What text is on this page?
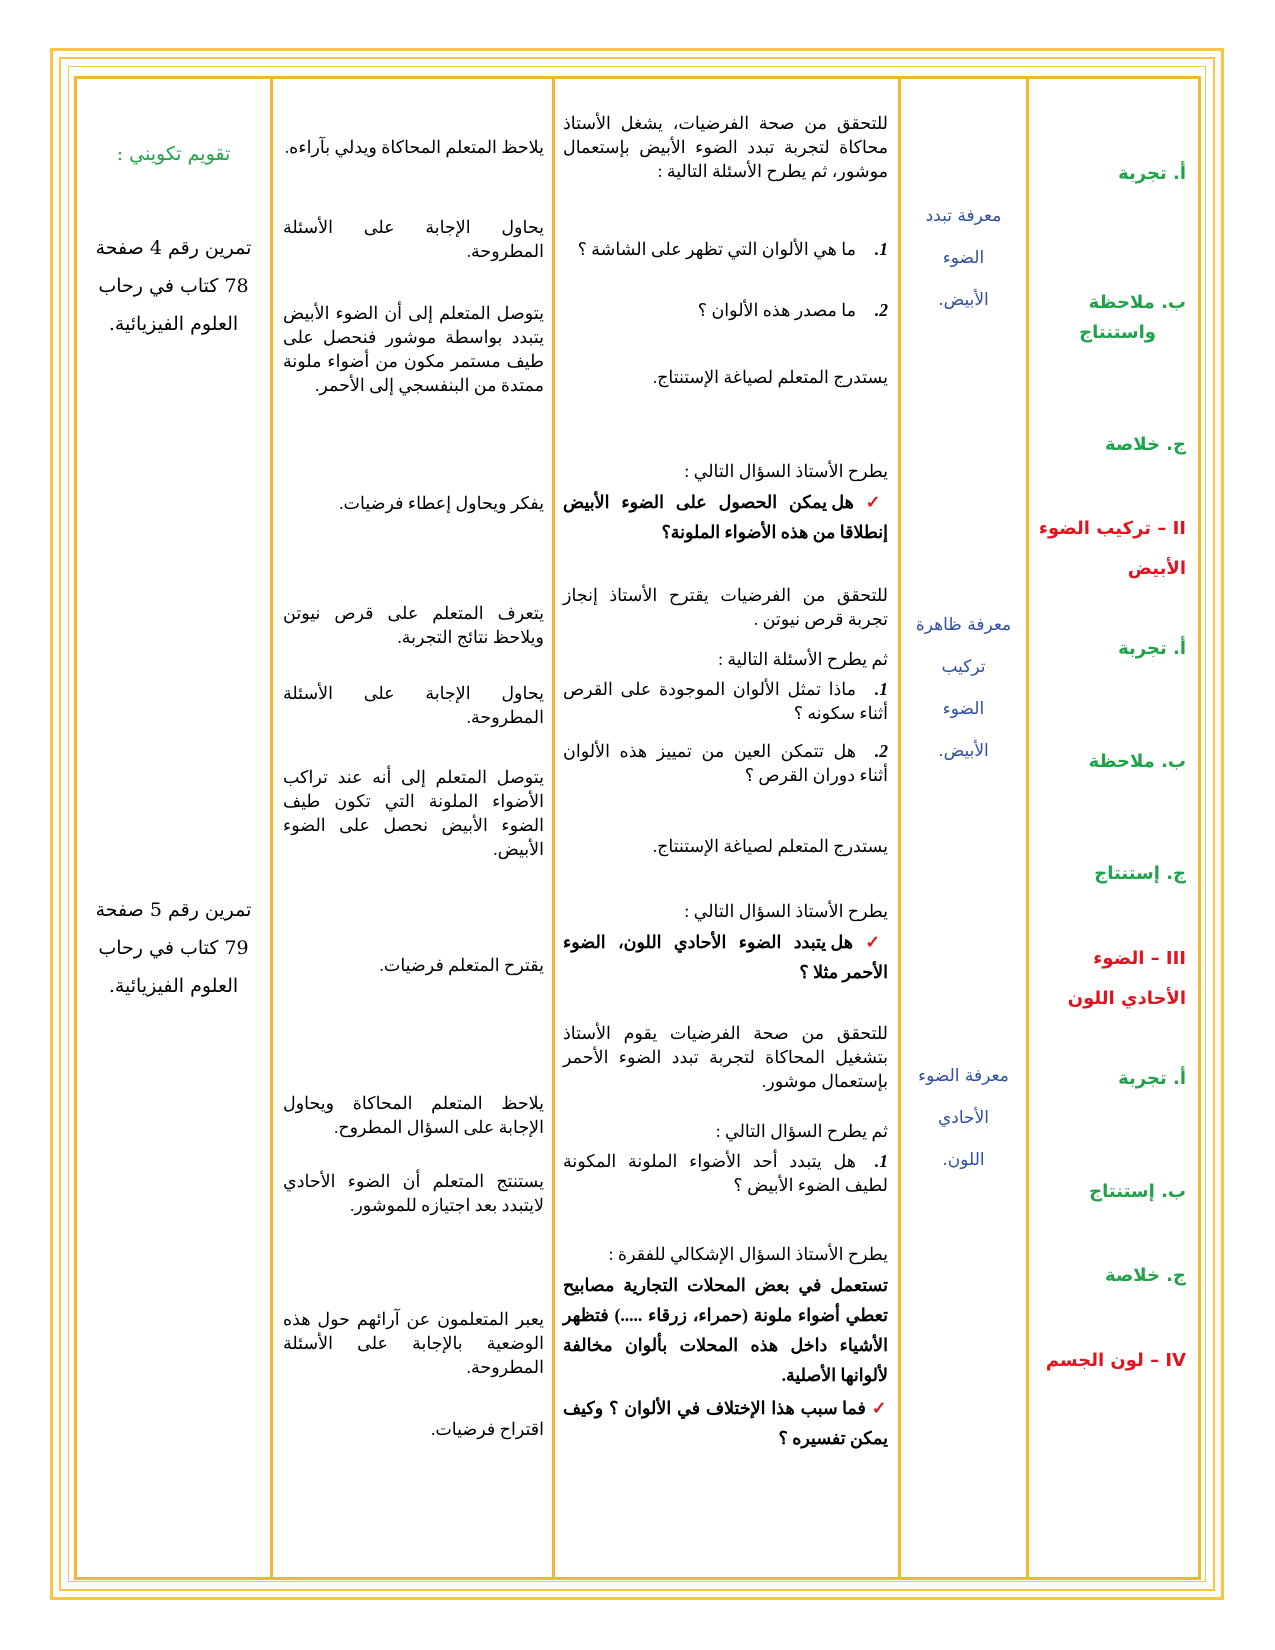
أ. تجربة
ب. ملاحظة
واستنتاج
ج. خلاصة
II – تركيب الضوء
الأبيض
أ. تجربة
ب. ملاحظة
ج. إستنتاج
III – الضوء
الأحادي اللون
أ. تجربة
ب. إستنتاج
ج. خلاصة
IV – لون الجسم
معرفة تبدد
الضوء
الأبيض.
معرفة ظاهرة
تركيب
الضوء
الأبيض.
معرفة الضوء
الأحادي
اللون.
للتحقق من صحة الفرضيات، يشغل الأستاذ محاكاة لتجربة تبدد الضوء الأبيض بإستعمال موشور، ثم يطرح الأسئلة التالية :
1.ما هي الألوان التي تظهر على الشاشة ؟
2.ما مصدر هذه الألوان ؟
يستدرج المتعلم لصياغة الإستنتاج.
يطرح الأستاذ السؤال التالي :
✓ هل يمكن الحصول على الضوء الأبيض إنطلاقا من هذه الأضواء الملونة؟
للتحقق من الفرضيات يقترح الأستاذ إنجاز تجربة قرص نيوتن .
ثم يطرح الأسئلة التالية :
1.ماذا تمثل الألوان الموجودة على القرص أثناء سكونه ؟
2.هل تتمكن العين من تمييز هذه الألوان أثناء دوران القرص ؟
يستدرج المتعلم لصياغة الإستنتاج.
يطرح الأستاذ السؤال التالي :
✓ هل يتبدد الضوء الأحادي اللون، الضوء الأحمر مثلا ؟
للتحقق من صحة الفرضيات يقوم الأستاذ بتشغيل المحاكاة لتجربة تبدد الضوء الأحمر بإستعمال موشور.
ثم يطرح السؤال التالي :
1.هل يتبدد أحد الأضواء الملونة المكونة لطيف الضوء الأبيض ؟
يطرح الأستاذ السؤال الإشكالي للفقرة :
تستعمل في بعض المحلات التجارية مصابيح تعطي أضواء ملونة (حمراء، زرقاء .....) فتظهر الأشياء داخل هذه المحلات بألوان مخالفة لألوانها الأصلية.
✓ فما سبب هذا الإختلاف في الألوان ؟ وكيف يمكن تفسيره ؟
يلاحظ المتعلم المحاكاة ويدلي بآراءه.
يحاول الإجابة على الأسئلة المطروحة.
يتوصل المتعلم إلى أن الضوء الأبيض يتبدد بواسطة موشور فنحصل على طيف مستمر مكون من أضواء ملونة ممتدة من البنفسجي إلى الأحمر.
يفكر ويحاول إعطاء فرضيات.
يتعرف المتعلم على قرص نيوتن ويلاحظ نتائج التجربة.
يحاول الإجابة على الأسئلة المطروحة.
يتوصل المتعلم إلى أنه عند تراكب الأضواء الملونة التي تكون طيف الضوء الأبيض نحصل على الضوء الأبيض.
يقترح المتعلم فرضيات.
يلاحظ المتعلم المحاكاة ويحاول الإجابة على السؤال المطروح.
يستنتج المتعلم أن الضوء الأحادي لايتبدد بعد اجتيازه للموشور.
يعبر المتعلمون عن آرائهم حول هذه الوضعية بالإجابة على الأسئلة المطروحة.
اقتراح فرضيات.
تقويم تكويني :
تمرين رقم 4 صفحة 78 كتاب في رحاب العلوم الفيزيائية.
تمرين رقم 5 صفحة 79 كتاب في رحاب العلوم الفيزيائية.
